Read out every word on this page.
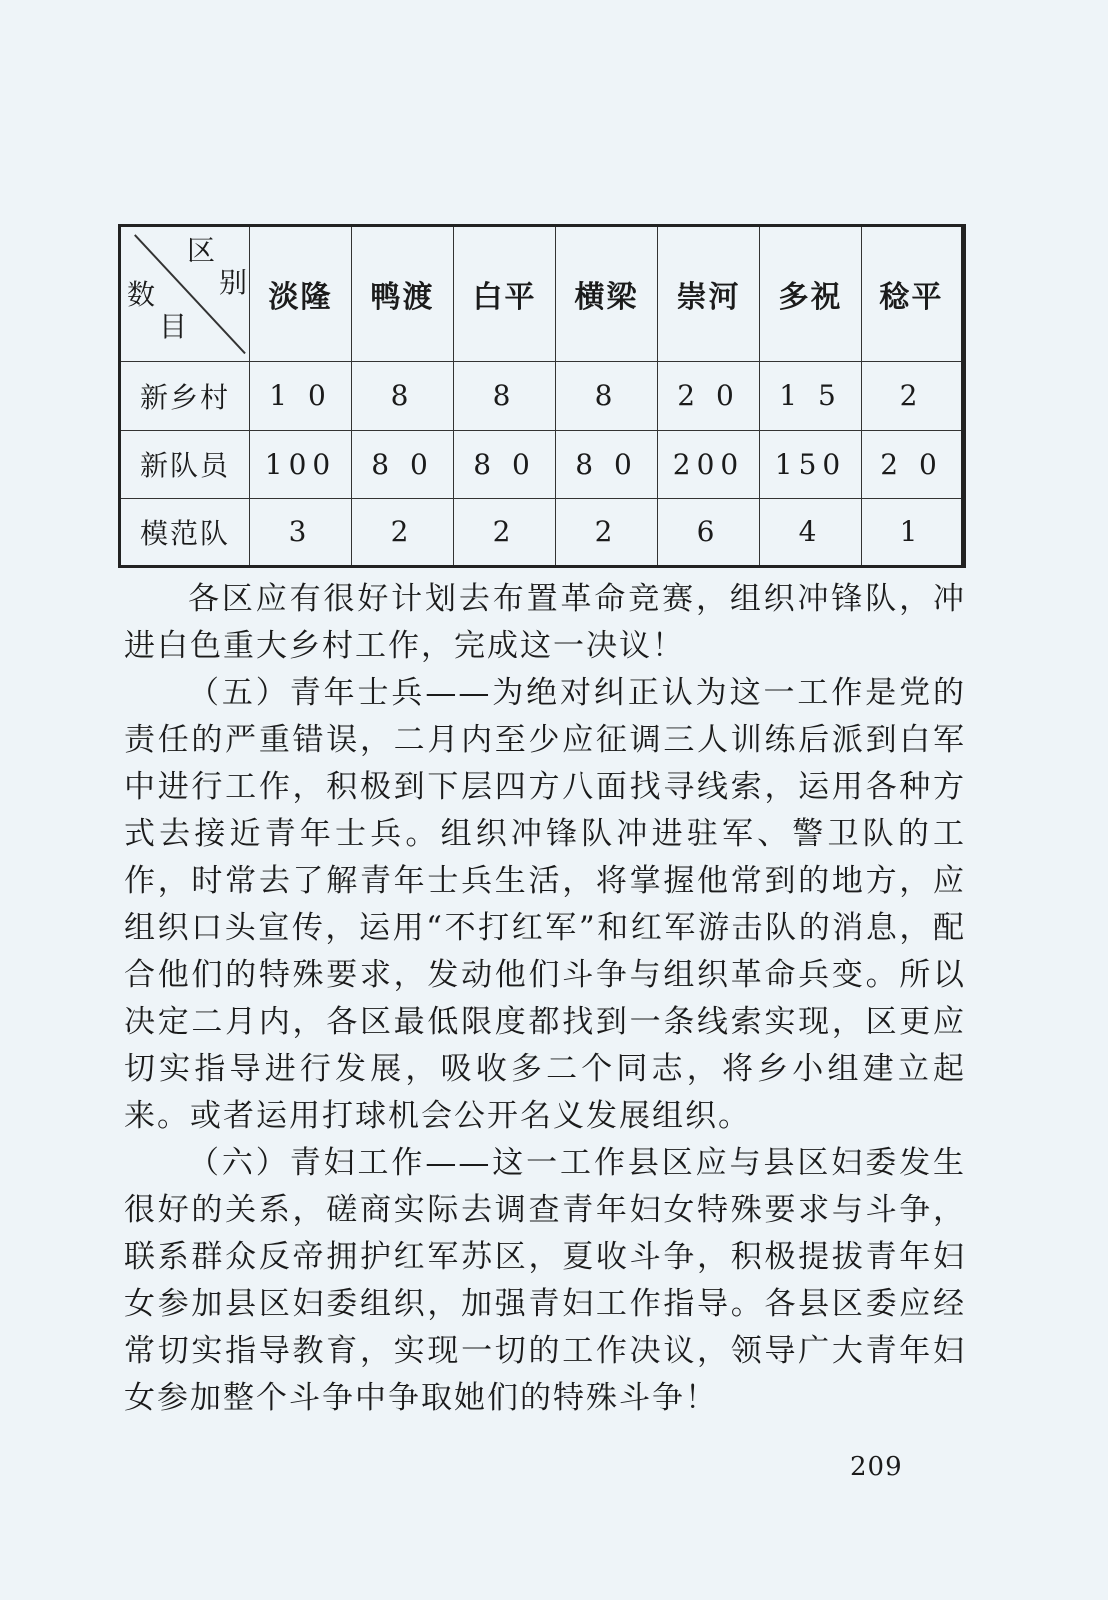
区
别
数
目	淡隆	鸭渡	白平	横梁	崇河	多祝	稔平
新乡村	1 0	8	8	8	2 0	1 5	2
新队员	100	8 0	8 0	8 0	200	150	2 0
模范队	3	2	2	2	6	4	1

各区应有很好计划去布置革命竞赛，组织冲锋队，冲进白色重大乡村工作，完成这一决议！

（五）青年士兵——为绝对纠正认为这一工作是党的责任的严重错误，二月内至少应征调三人训练后派到白军中进行工作，积极到下层四方八面找寻线索，运用各种方式去接近青年士兵。组织冲锋队冲进驻军、警卫队的工作，时常去了解青年士兵生活，将掌握他常到的地方，应组织口头宣传，运用“不打红军”和红军游击队的消息，配合他们的特殊要求，发动他们斗争与组织革命兵变。所以决定二月内，各区最低限度都找到一条线索实现，区更应切实指导进行发展，吸收多二个同志，将乡小组建立起来。或者运用打球机会公开名义发展组织。

（六）青妇工作——这一工作县区应与县区妇委发生很好的关系，磋商实际去调查青年妇女特殊要求与斗争，联系群众反帝拥护红军苏区，夏收斗争，积极提拔青年妇女参加县区妇委组织，加强青妇工作指导。各县区委应经常切实指导教育，实现一切的工作决议，领导广大青年妇女参加整个斗争中争取她们的特殊斗争！

209
